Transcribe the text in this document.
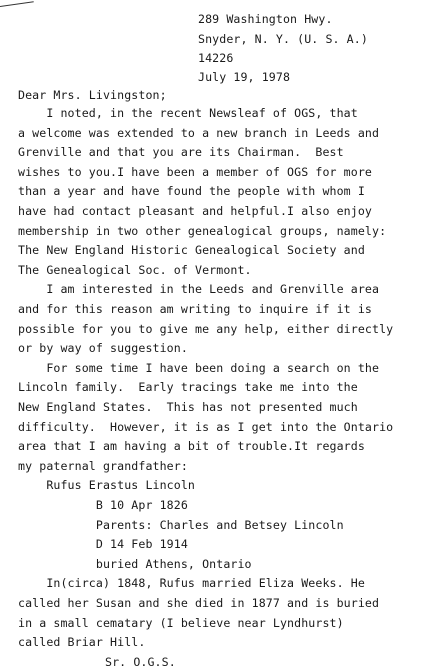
289 Washington Hwy.
Snyder, N. Y. (U. S. A.)
14226
July 19, 1978
Dear Mrs. Livingston;
I noted, in the recent Newsleaf of OGS, that
a welcome was extended to a new branch in Leeds and
Grenville and that you are its Chairman.  Best
wishes to you.I have been a member of OGS for more
than a year and have found the people with whom I
have had contact pleasant and helpful.I also enjoy
membership in two other genealogical groups, namely:
The New England Historic Genealogical Society and
The Genealogical Soc. of Vermont.
I am interested in the Leeds and Grenville area
and for this reason am writing to inquire if it is
possible for you to give me any help, either directly
or by way of suggestion.
For some time I have been doing a search on the
Lincoln family.  Early tracings take me into the
New England States.  This has not presented much
difficulty.  However, it is as I get into the Ontario
area that I am having a bit of trouble.It regards
my paternal grandfather:
Rufus Erastus Lincoln
B 10 Apr 1826
Parents: Charles and Betsey Lincoln
D 14 Feb 1914
buried Athens, Ontario
In(circa) 1848, Rufus married Eliza Weeks. He
called her Susan and she died in 1877 and is buried
in a small cematary (I believe near Lyndhurst)
called Briar Hill.
Sr. O.G.S.
